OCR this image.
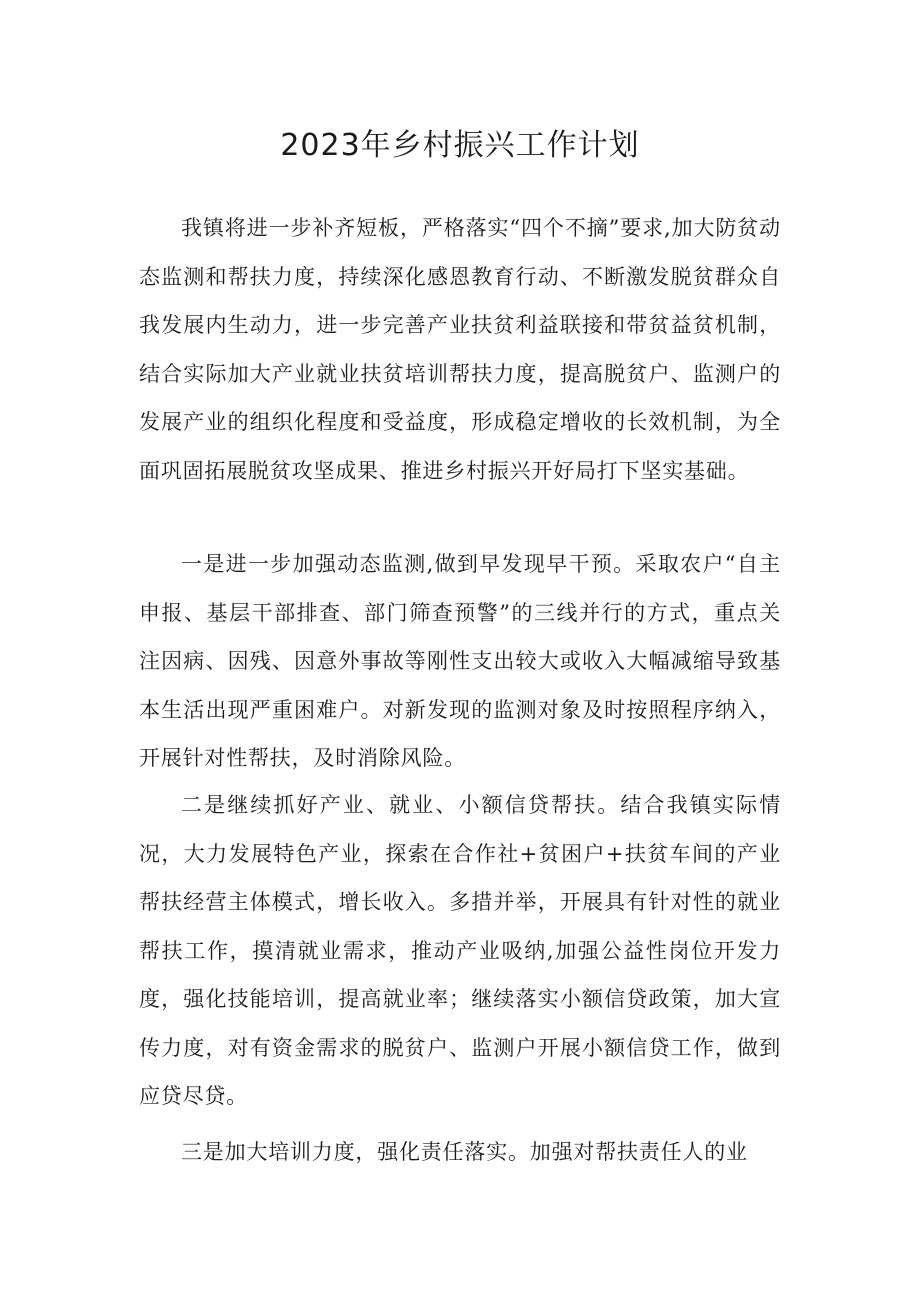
2023年乡村振兴工作计划

我镇将进一步补齐短板，严格落实“四个不摘”要求,加大防贫动态监测和帮扶力度，持续深化感恩教育行动、不断激发脱贫群众自我发展内生动力，进一步完善产业扶贫利益联接和带贫益贫机制，结合实际加大产业就业扶贫培训帮扶力度，提高脱贫户、监测户的发展产业的组织化程度和受益度，形成稳定增收的长效机制，为全面巩固拓展脱贫攻坚成果、推进乡村振兴开好局打下坚实基础。

一是进一步加强动态监测,做到早发现早干预。采取农户“自主申报、基层干部排查、部门筛查预警”的三线并行的方式，重点关注因病、因残、因意外事故等刚性支出较大或收入大幅减缩导致基本生活出现严重困难户。对新发现的监测对象及时按照程序纳入，开展针对性帮扶，及时消除风险。

二是继续抓好产业、就业、小额信贷帮扶。结合我镇实际情况，大力发展特色产业，探索在合作社+贫困户+扶贫车间的产业帮扶经营主体模式，增长收入。多措并举，开展具有针对性的就业帮扶工作，摸清就业需求，推动产业吸纳,加强公益性岗位开发力度，强化技能培训，提高就业率；继续落实小额信贷政策，加大宣传力度，对有资金需求的脱贫户、监测户开展小额信贷工作，做到应贷尽贷。

三是加大培训力度，强化责任落实。加强对帮扶责任人的业
